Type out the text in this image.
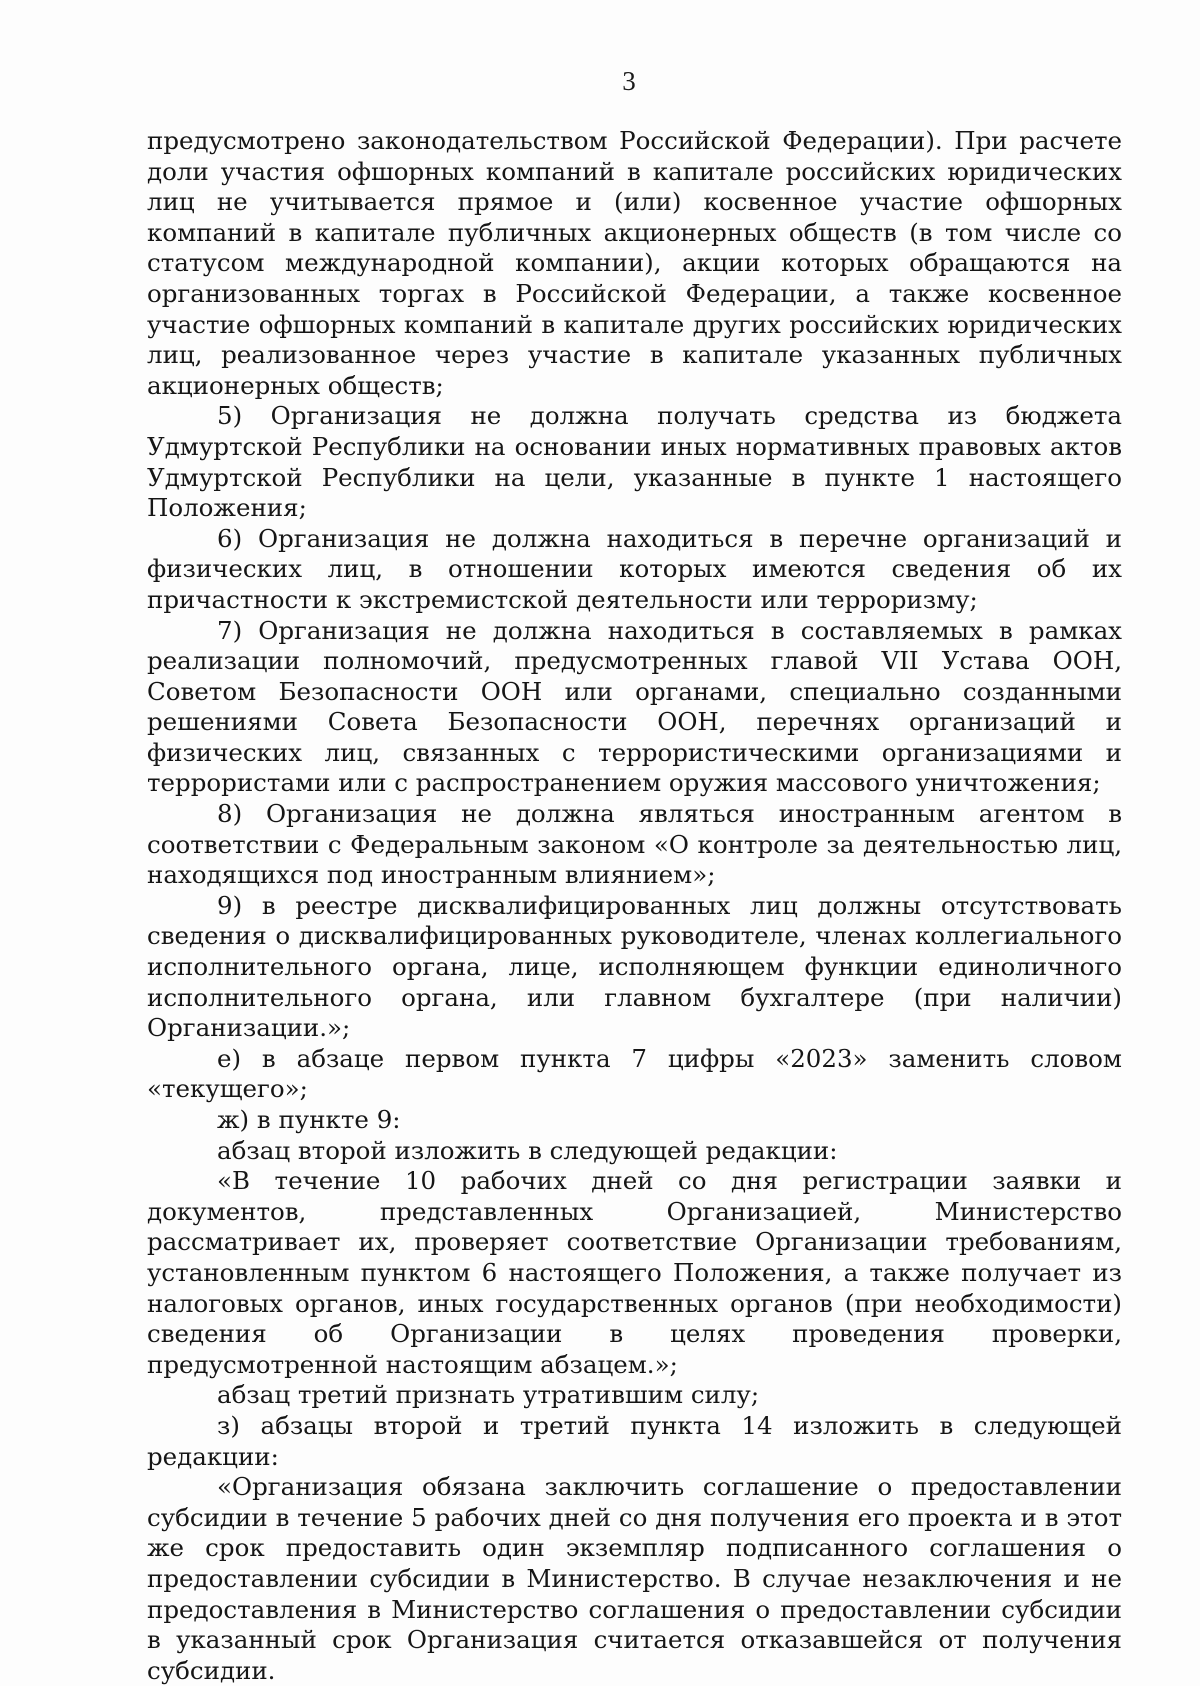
3

предусмотрено законодательством Российской Федерации). При расчете доли участия офшорных компаний в капитале российских юридических лиц не учитывается прямое и (или) косвенное участие офшорных компаний в капитале публичных акционерных обществ (в том числе со статусом международной компании), акции которых обращаются на организованных торгах в Российской Федерации, а также косвенное участие офшорных компаний в капитале других российских юридических лиц, реализованное через участие в капитале указанных публичных акционерных обществ;

5) Организация не должна получать средства из бюджета Удмуртской Республики на основании иных нормативных правовых актов Удмуртской Республики на цели, указанные в пункте 1 настоящего Положения;

6) Организация не должна находиться в перечне организаций и физических лиц, в отношении которых имеются сведения об их причастности к экстремистской деятельности или терроризму;

7) Организация не должна находиться в составляемых в рамках реализации полномочий, предусмотренных главой VII Устава ООН, Советом Безопасности ООН или органами, специально созданными решениями Совета Безопасности ООН, перечнях организаций и физических лиц, связанных с террористическими организациями и террористами или с распространением оружия массового уничтожения;

8) Организация не должна являться иностранным агентом в соответствии с Федеральным законом «О контроле за деятельностью лиц, находящихся под иностранным влиянием»;

9) в реестре дисквалифицированных лиц должны отсутствовать сведения о дисквалифицированных руководителе, членах коллегиального исполнительного органа, лице, исполняющем функции единоличного исполнительного органа, или главном бухгалтере (при наличии) Организации.»;

е) в абзаце первом пункта 7 цифры «2023» заменить словом «текущего»;

ж) в пункте 9:

абзац второй изложить в следующей редакции:

«В течение 10 рабочих дней со дня регистрации заявки и документов, представленных Организацией, Министерство рассматривает их, проверяет соответствие Организации требованиям, установленным пунктом 6 настоящего Положения, а также получает из налоговых органов, иных государственных органов (при необходимости) сведения об Организации в целях проведения проверки, предусмотренной настоящим абзацем.»;

абзац третий признать утратившим силу;

з) абзацы второй и третий пункта 14 изложить в следующей редакции:

«Организация обязана заключить соглашение о предоставлении субсидии в течение 5 рабочих дней со дня получения его проекта и в этот же срок предоставить один экземпляр подписанного соглашения о предоставлении субсидии в Министерство. В случае незаключения и не предоставления в Министерство соглашения о предоставлении субсидии в указанный срок Организация считается отказавшейся от получения субсидии.
